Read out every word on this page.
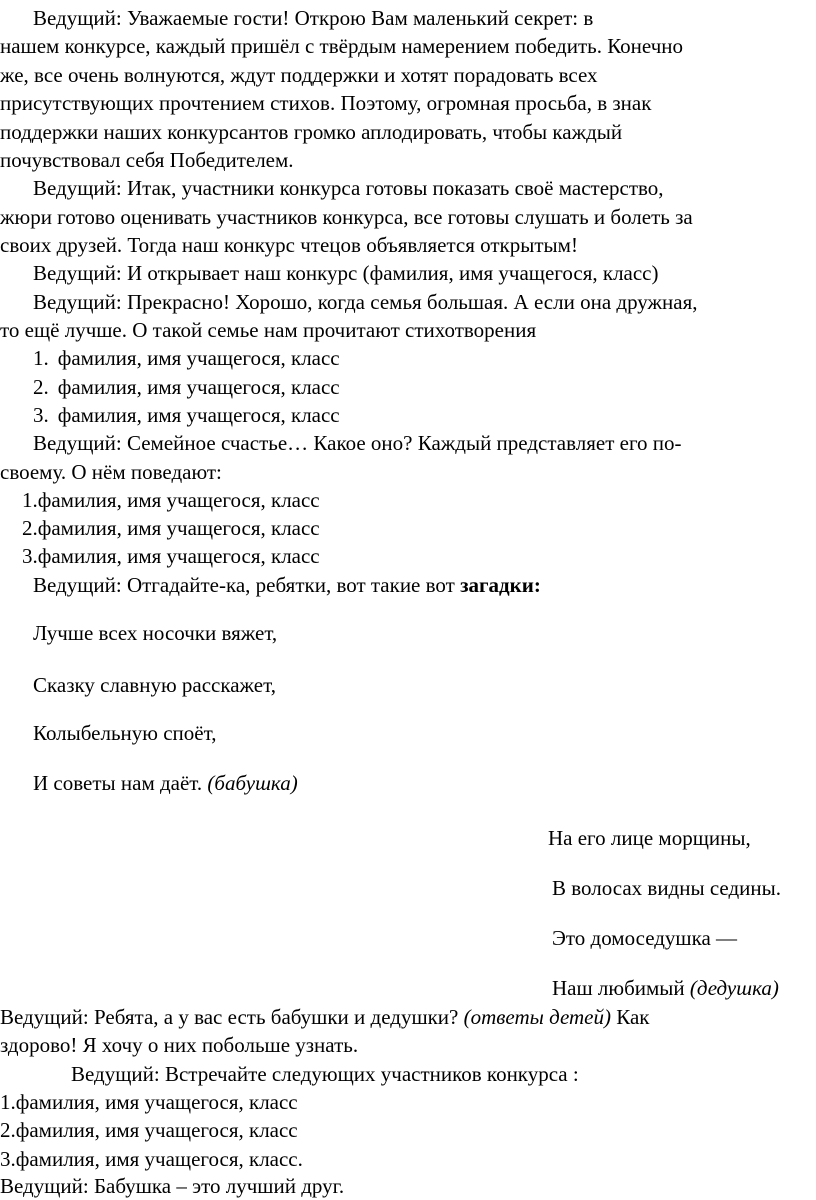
Ведущий: Уважаемые гости! Открою Вам маленький секрет: в
нашем конкурсе, каждый пришёл с твёрдым намерением победить. Конечно
же, все очень волнуются, ждут поддержки и хотят порадовать всех
присутствующих прочтением стихов. Поэтому, огромная просьба, в знак
поддержки наших конкурсантов громко аплодировать, чтобы каждый
почувствовал себя Победителем.
Ведущий: Итак, участники конкурса готовы показать своё мастерство,
жюри готово оценивать участников конкурса, все готовы слушать и болеть за
своих друзей. Тогда наш конкурс чтецов объявляется открытым!
Ведущий: И открывает наш конкурс (фамилия, имя учащегося, класс)
Ведущий: Прекрасно! Хорошо, когда семья большая. А если она дружная,
то ещё лучше. О такой семье нам прочитают стихотворения
1. фамилия, имя учащегося, класс
2. фамилия, имя учащегося, класс
3. фамилия, имя учащегося, класс
Ведущий: Семейное счастье… Какое оно? Каждый представляет его по-
своему. О нём поведают:
1.фамилия, имя учащегося, класс
2.фамилия, имя учащегося, класс
3.фамилия, имя учащегося, класс
Ведущий: Отгадайте-ка, ребятки, вот такие вот загадки:
Лучше всех носочки вяжет,
Сказку славную расскажет,
Колыбельную споёт,
И советы нам даёт. (бабушка)
На его лице морщины,
В волосах видны седины.
Это домоседушка —
Наш любимый (дедушка)
Ведущий: Ребята, а у вас есть бабушки и дедушки? (ответы детей) Как
здорово! Я хочу о них побольше узнать.
Ведущий: Встречайте следующих участников конкурса :
1.фамилия, имя учащегося, класс
2.фамилия, имя учащегося, класс
3.фамилия, имя учащегося, класс.
Ведущий: Бабушка – это лучший друг.
